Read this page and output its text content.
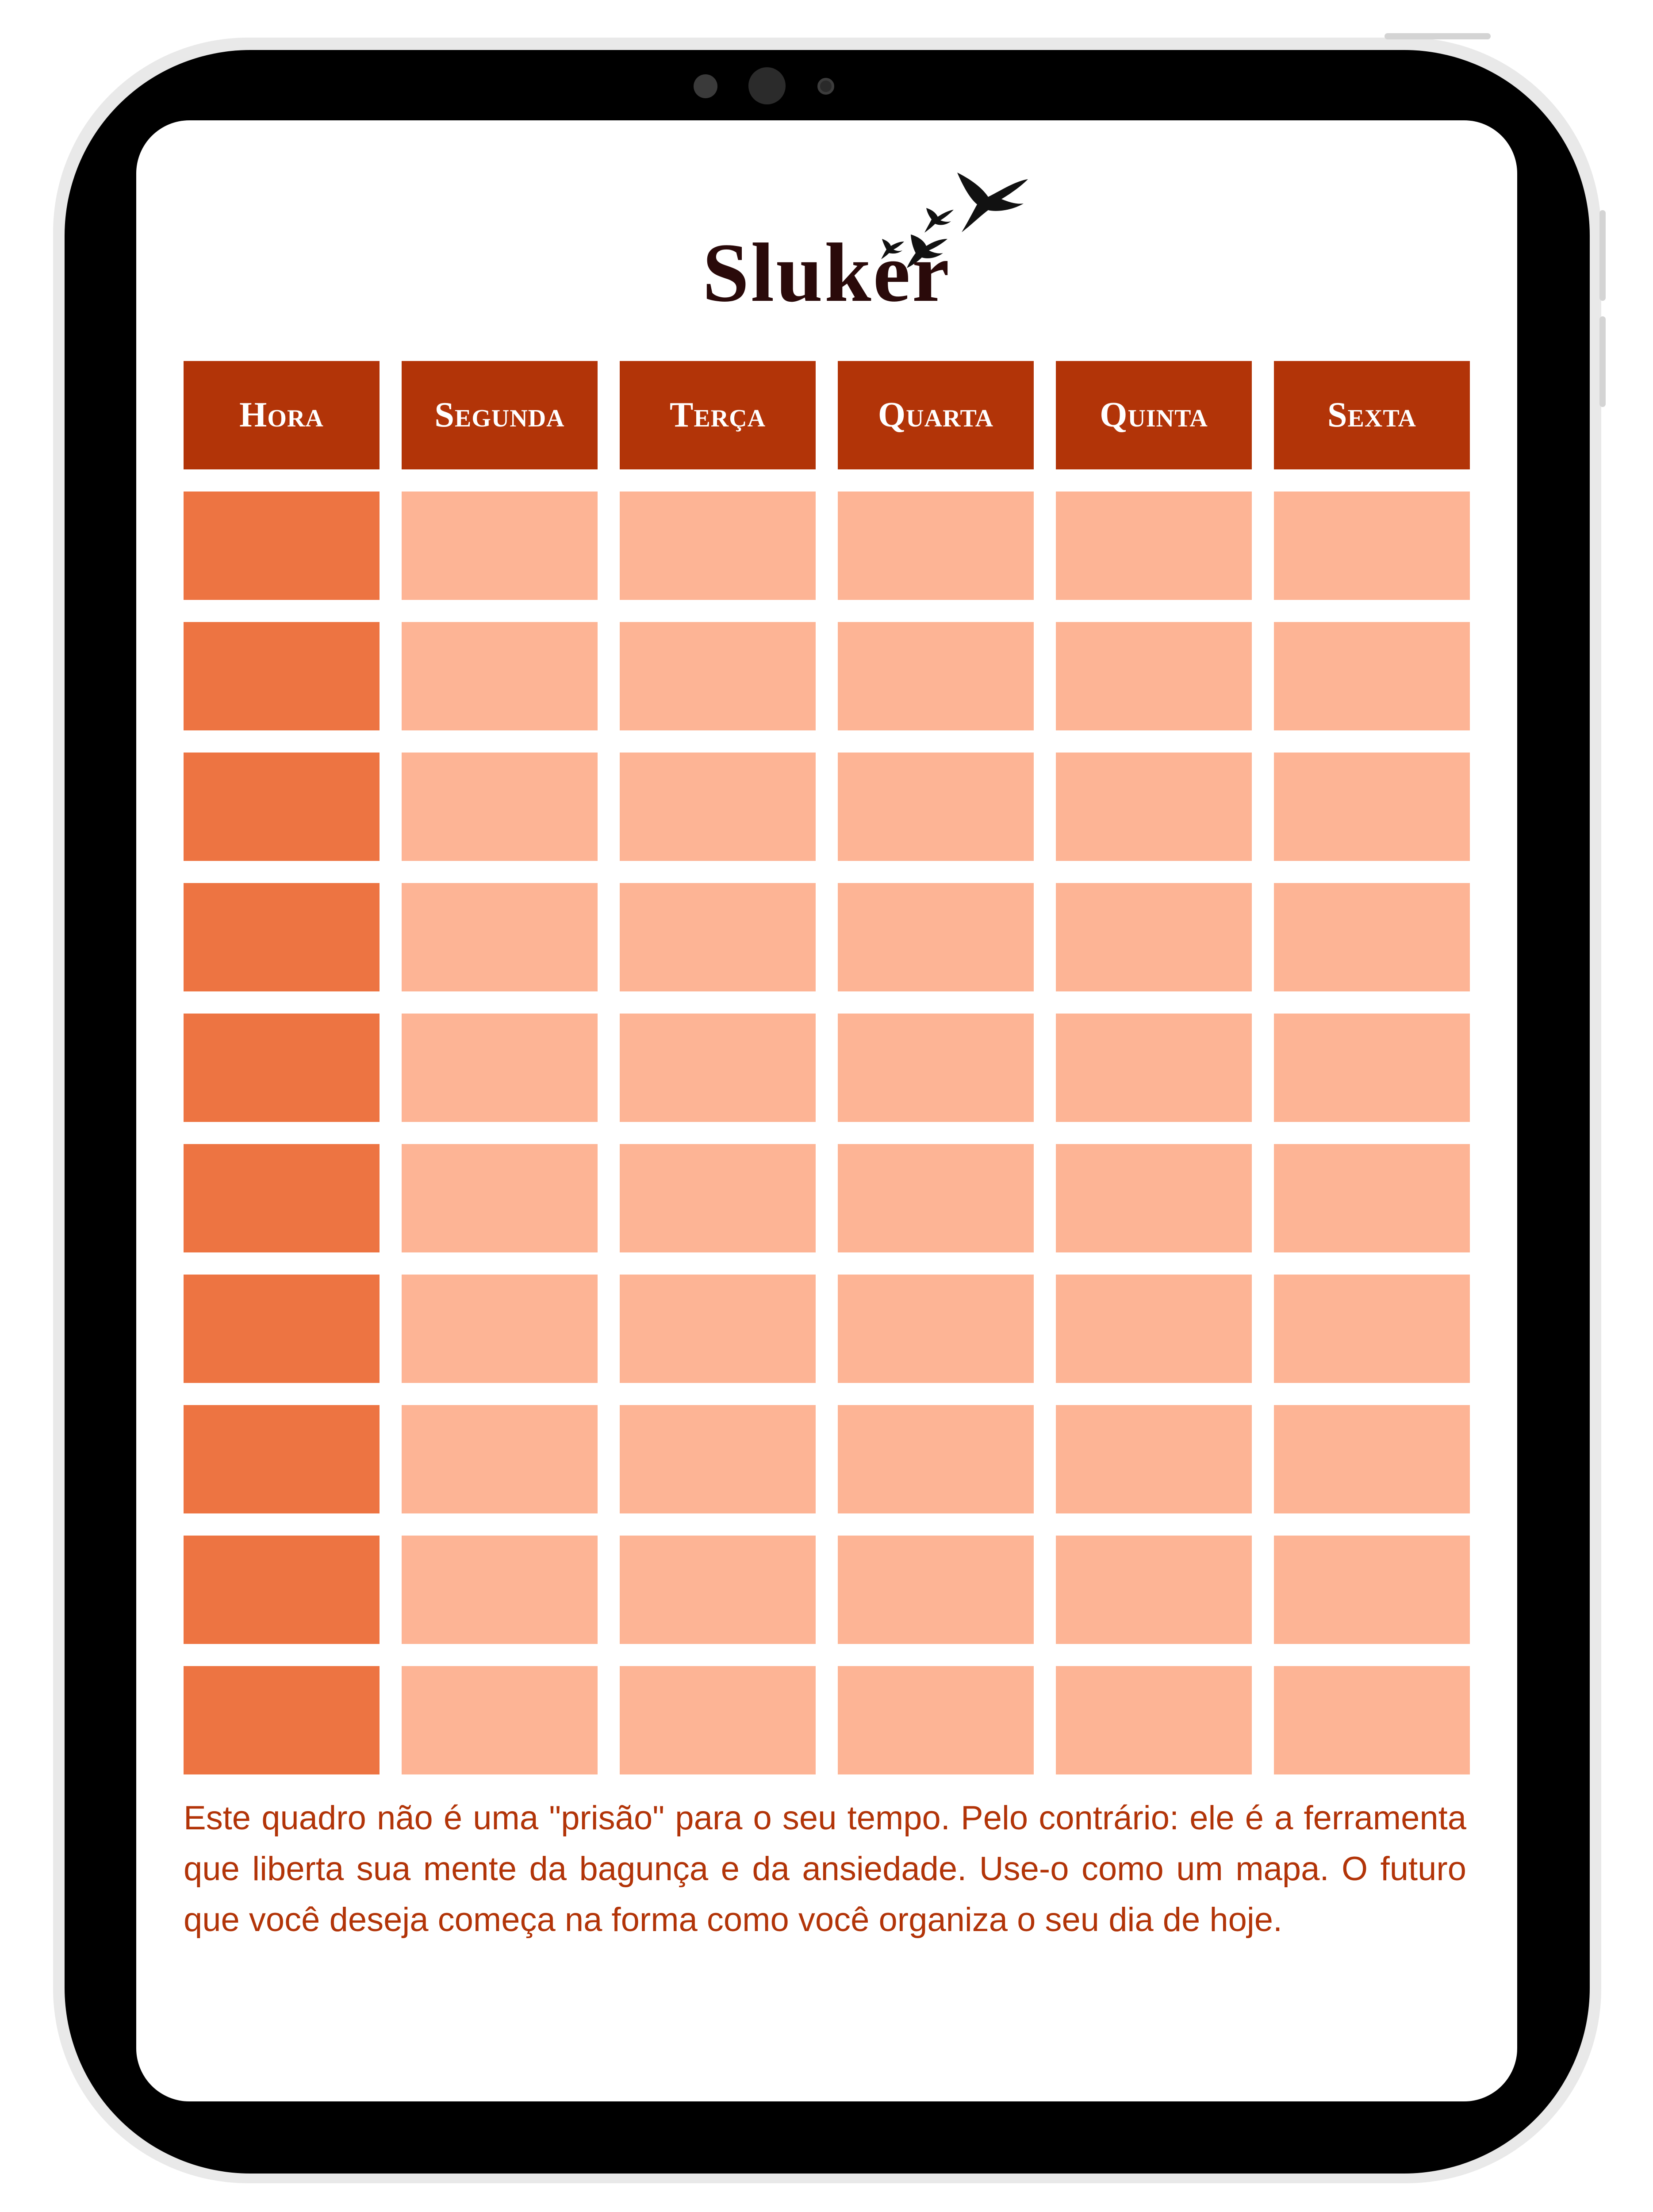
Sluker
Hora	Segunda	Terça	Quarta	Quinta	Sexta
Este quadro não é uma "prisão" para o seu tempo. Pelo contrário: ele é a ferramenta que liberta sua mente da bagunça e da ansiedade. Use-o como um mapa. O futuro que você deseja começa na forma como você organiza o seu dia de hoje.
